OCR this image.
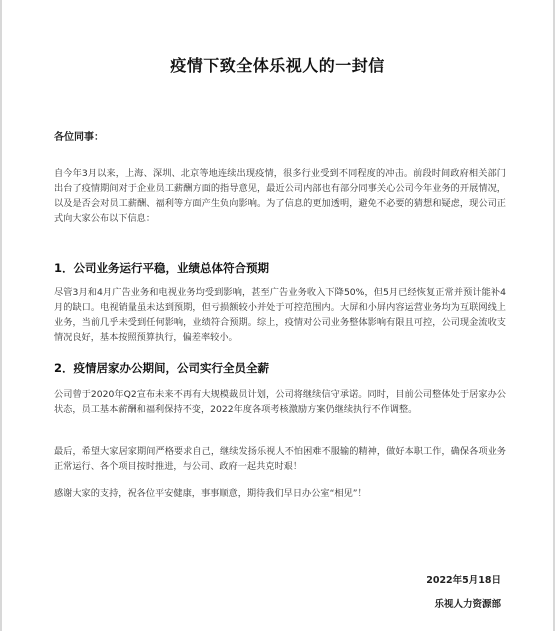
疫情下致全体乐视人的一封信
各位同事：
自今年3月以来，上海、深圳、北京等地连续出现疫情，很多行业受到不同程度的冲击。前段时间政府相关部门出台了疫情期间对于企业员工薪酬方面的指导意见，最近公司内部也有部分同事关心公司今年业务的开展情况，以及是否会对员工薪酬、福利等方面产生负向影响。为了信息的更加透明，避免不必要的猜想和疑虑，现公司正式向大家公布以下信息：
1．公司业务运行平稳，业绩总体符合预期
尽管3月和4月广告业务和电视业务均受到影响，甚至广告业务收入下降50%，但5月已经恢复正常并预计能补4月的缺口。电视销量虽未达到预期，但亏损额较小并处于可控范围内。大屏和小屏内容运营业务均为互联网线上业务，当前几乎未受到任何影响，业绩符合预期。综上，疫情对公司业务整体影响有限且可控，公司现金流收支情况良好，基本按照预算执行，偏差率较小。
2．疫情居家办公期间，公司实行全员全薪
公司曾于2020年Q2宣布未来不再有大规模裁员计划，公司将继续信守承诺。同时，目前公司整体处于居家办公状态，员工基本薪酬和福利保持不变，2022年度各项考核激励方案仍继续执行不作调整。
最后，希望大家居家期间严格要求自己，继续发扬乐视人不怕困难不服输的精神，做好本职工作，确保各项业务正常运行、各个项目按时推进，与公司、政府一起共克时艰！
感谢大家的支持，祝各位平安健康，事事顺意，期待我们早日办公室“相见”！
2022年5月18日
乐视人力资源部
